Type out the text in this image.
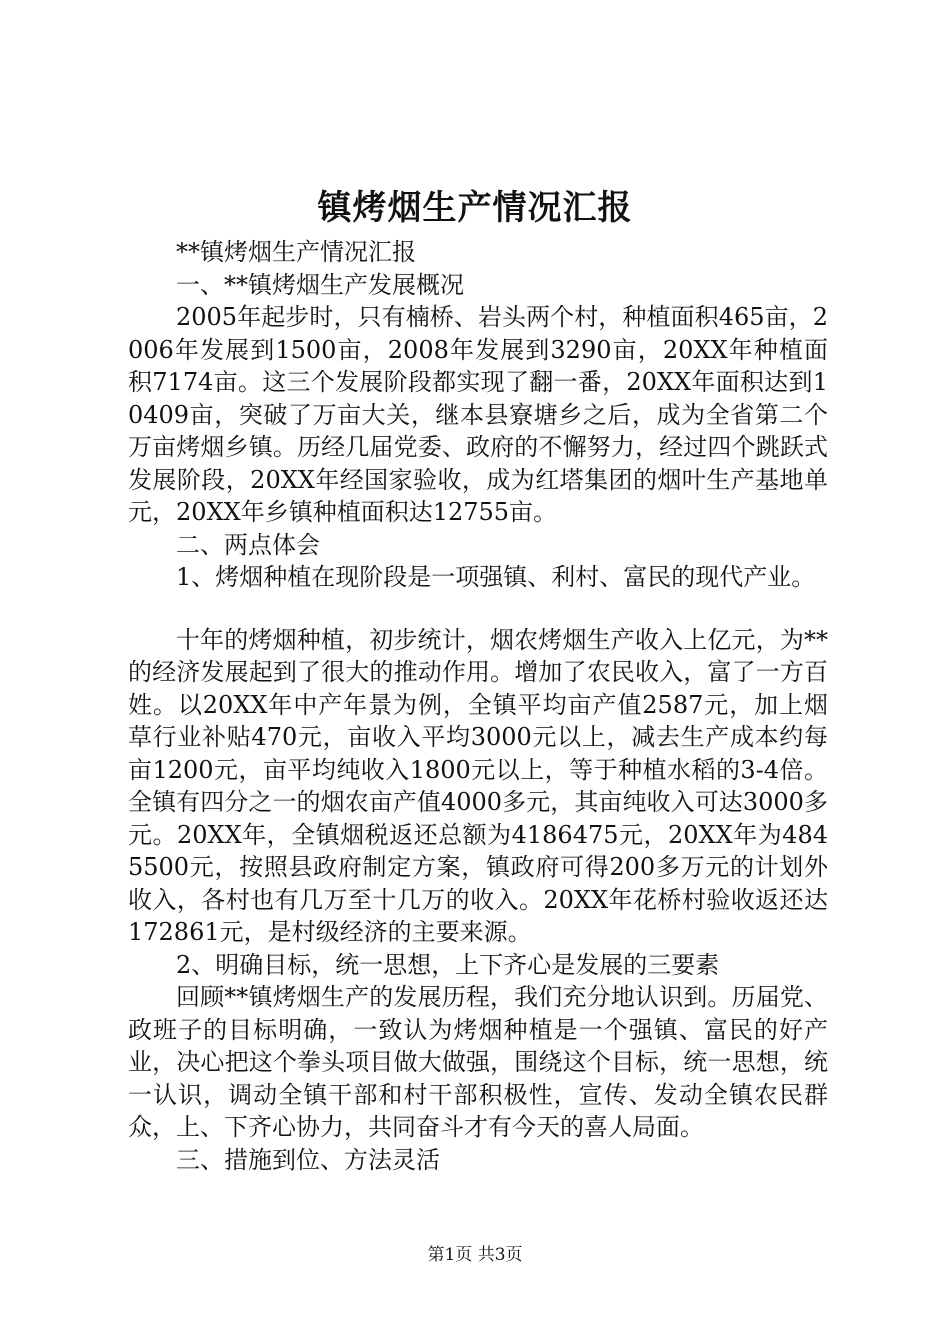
镇烤烟生产情况汇报

**镇烤烟生产情况汇报

一、**镇烤烟生产发展概况

2005年起步时，只有楠桥、岩头两个村，种植面积465亩，2006年发展到1500亩，2008年发展到3290亩，20XX年种植面积7174亩。这三个发展阶段都实现了翻一番，20XX年面积达到10409亩，突破了万亩大关，继本县寮塘乡之后，成为全省第二个万亩烤烟乡镇。历经几届党委、政府的不懈努力，经过四个跳跃式发展阶段，20XX年经国家验收，成为红塔集团的烟叶生产基地单元，20XX年乡镇种植面积达12755亩。

二、两点体会

1、烤烟种植在现阶段是一项强镇、利村、富民的现代产业。

十年的烤烟种植，初步统计，烟农烤烟生产收入上亿元，为**的经济发展起到了很大的推动作用。增加了农民收入，富了一方百姓。以20XX年中产年景为例，全镇平均亩产值2587元，加上烟草行业补贴470元，亩收入平均3000元以上，减去生产成本约每亩1200元，亩平均纯收入1800元以上，等于种植水稻的3-4倍。全镇有四分之一的烟农亩产值4000多元，其亩纯收入可达3000多元。20XX年，全镇烟税返还总额为4186475元，20XX年为4845500元，按照县政府制定方案，镇政府可得200多万元的计划外收入，各村也有几万至十几万的收入。20XX年花桥村验收返还达172861元，是村级经济的主要来源。

2、明确目标，统一思想，上下齐心是发展的三要素

回顾**镇烤烟生产的发展历程，我们充分地认识到。历届党、政班子的目标明确，一致认为烤烟种植是一个强镇、富民的好产业，决心把这个拳头项目做大做强，围绕这个目标，统一思想，统一认识，调动全镇干部和村干部积极性，宣传、发动全镇农民群众，上、下齐心协力，共同奋斗才有今天的喜人局面。

三、措施到位、方法灵活

第1页 共3页
